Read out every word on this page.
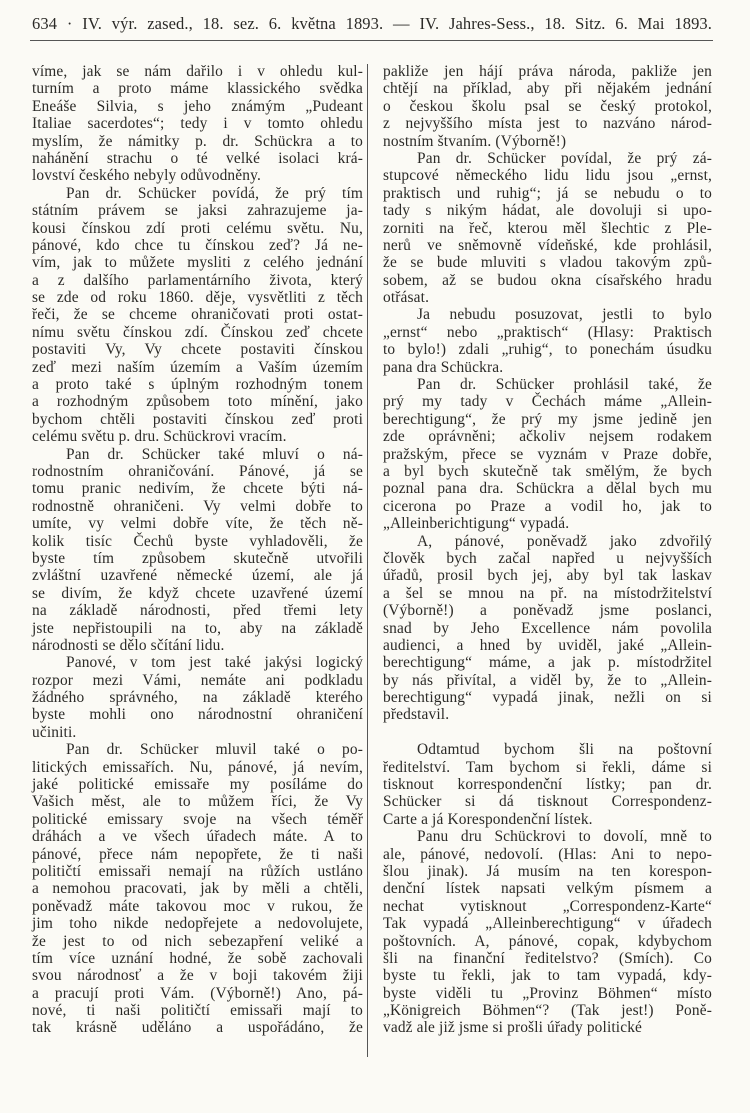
634 · IV. výr. zased., 18. sez. 6. května 1893. — IV. Jahres-Sess., 18. Sitz. 6. Mai 1893.
víme, jak se nám dařilo i v ohledu kul-
turním a proto máme klassického svědka
Eneáše Silvia, s jeho známým „Pudeant
Italiae sacerdotes“; tedy i v tomto ohledu
myslím, že námitky p. dr. Schückra a to
nahánění strachu o té velké isolaci krá-
lovství českého nebyly odůvodněny.
Pan dr. Schücker povídá, že prý tím
státním právem se jaksi zahrazujeme ja-
kousi čínskou zdí proti celému světu. Nu,
pánové, kdo chce tu čínskou zeď? Já ne-
vím, jak to můžete mysliti z celého jednání
a z dalšího parlamentárního života, který
se zde od roku 1860. děje, vysvětliti z těch
řeči, že se chceme ohraničovati proti ostat-
nímu světu čínskou zdí. Čínskou zeď chcete
postaviti Vy, Vy chcete postaviti čínskou
zeď mezi naším územím a Vaším územím
a proto také s úplným rozhodným tonem
a rozhodným způsobem toto mínění, jako
bychom chtěli postaviti čínskou zeď proti
celému světu p. dru. Schückrovi vracím.
Pan dr. Schücker také mluví o ná-
rodnostním ohraničování. Pánové, já se
tomu pranic nedivím, že chcete býti ná-
rodnostně ohraničeni. Vy velmi dobře to
umíte, vy velmi dobře víte, že těch ně-
kolik tisíc Čechů byste vyhladověli, že
byste tím způsobem skutečně utvořili
zvláštní uzavřené německé území, ale já
se divím, že když chcete uzavřené území
na základě národnosti, před třemi lety
jste nepřistoupili na to, aby na základě
národnosti se dělo sčítání lidu.
Panové, v tom jest také jakýsi logický
rozpor mezi Vámi, nemáte ani podkladu
žádného správného, na základě kterého
byste mohli ono národnostní ohraničení
učiniti.
Pan dr. Schücker mluvil také o po-
litických emissařích. Nu, pánové, já nevím,
jaké politické emissaře my posíláme do
Vašich měst, ale to můžem říci, že Vy
politické emissary svoje na všech téměř
dráhách a ve všech úřadech máte. A to
pánové, přece nám nepopřete, že ti naši
političtí emissaři nemají na růžích ustláno
a nemohou pracovati, jak by měli a chtěli,
poněvadž máte takovou moc v rukou, že
jim toho nikde nedopřejete a nedovolujete,
že jest to od nich sebezapření veliké a
tím více uznání hodné, že sobě zachovali
svou národnosť a že v boji takovém žiji
a pracují proti Vám. (Výborně!) Ano, pá-
nové, ti naši političtí emissaři mají to
tak krásně uděláno a uspořádáno, že
pakliže jen hájí práva národa, pakliže jen
chtějí na příklad, aby při nějakém jednání
o českou školu psal se český protokol,
z nejvyššího místa jest to nazváno národ-
nostním štvaním. (Výborně!)
Pan dr. Schücker povídal, že prý zá-
stupcové německého lidu lidu jsou „ernst,
praktisch und ruhig“; já se nebudu o to
tady s nikým hádat, ale dovoluji si upo-
zorniti na řeč, kterou měl šlechtic z Ple-
nerů ve sněmovně vídeňské, kde prohlásil,
že se bude mluviti s vladou takovým způ-
sobem, až se budou okna císařského hradu
otřásat.
Ja nebudu posuzovat, jestli to bylo
„ernst“ nebo „praktisch“ (Hlasy: Praktisch
to bylo!) zdali „ruhig“, to ponechám úsudku
pana dra Schückra.
Pan dr. Schücker prohlásil také, že
prý my tady v Čechách máme „Allein-
berechtigung“, že prý my jsme jedině jen
zde oprávněni; ačkoliv nejsem rodakem
pražským, přece se vyznám v Praze dobře,
a byl bych skutečně tak smělým, že bych
poznal pana dra. Schückra a dělal bych mu
cicerona po Praze a vodil ho, jak to
„Alleinberichtigung“ vypadá.
A, pánové, poněvadž jako zdvořilý
člověk bych začal napřed u nejvyšších
úřadů, prosil bych jej, aby byl tak laskav
a šel se mnou na př. na místodržitelství
(Výborně!) a poněvadž jsme poslanci,
snad by Jeho Excellence nám povolila
audienci, a hned by uviděl, jaké „Allein-
berechtigung“ máme, a jak p. místodržitel
by nás přivítal, a viděl by, že to „Allein-
berechtigung“ vypadá jinak, nežli on si
představil.
Odtamtud bychom šli na poštovní
ředitelství. Tam bychom si řekli, dáme si
tisknout korrespondenční lístky; pan dr.
Schücker si dá tisknout Correspondenz-
Carte a já Korespondenční lístek.
Panu dru Schückrovi to dovolí, mně to
ale, pánové, nedovolí. (Hlas: Ani to nepo-
šlou jinak). Já musím na ten korespon-
denční lístek napsati velkým písmem a
nechat vytisknout „Correspondenz-Karte“
Tak vypadá „Alleinberechtigung“ v úřadech
poštovních. A, pánové, copak, kdybychom
šli na finanční ředitelstvo? (Smích). Co
byste tu řekli, jak to tam vypadá, kdy-
byste viděli tu „Provinz Böhmen“ místo
„Königreich Böhmen“? (Tak jest!) Poně-
vadž ale již jsme si prošli úřady politické
